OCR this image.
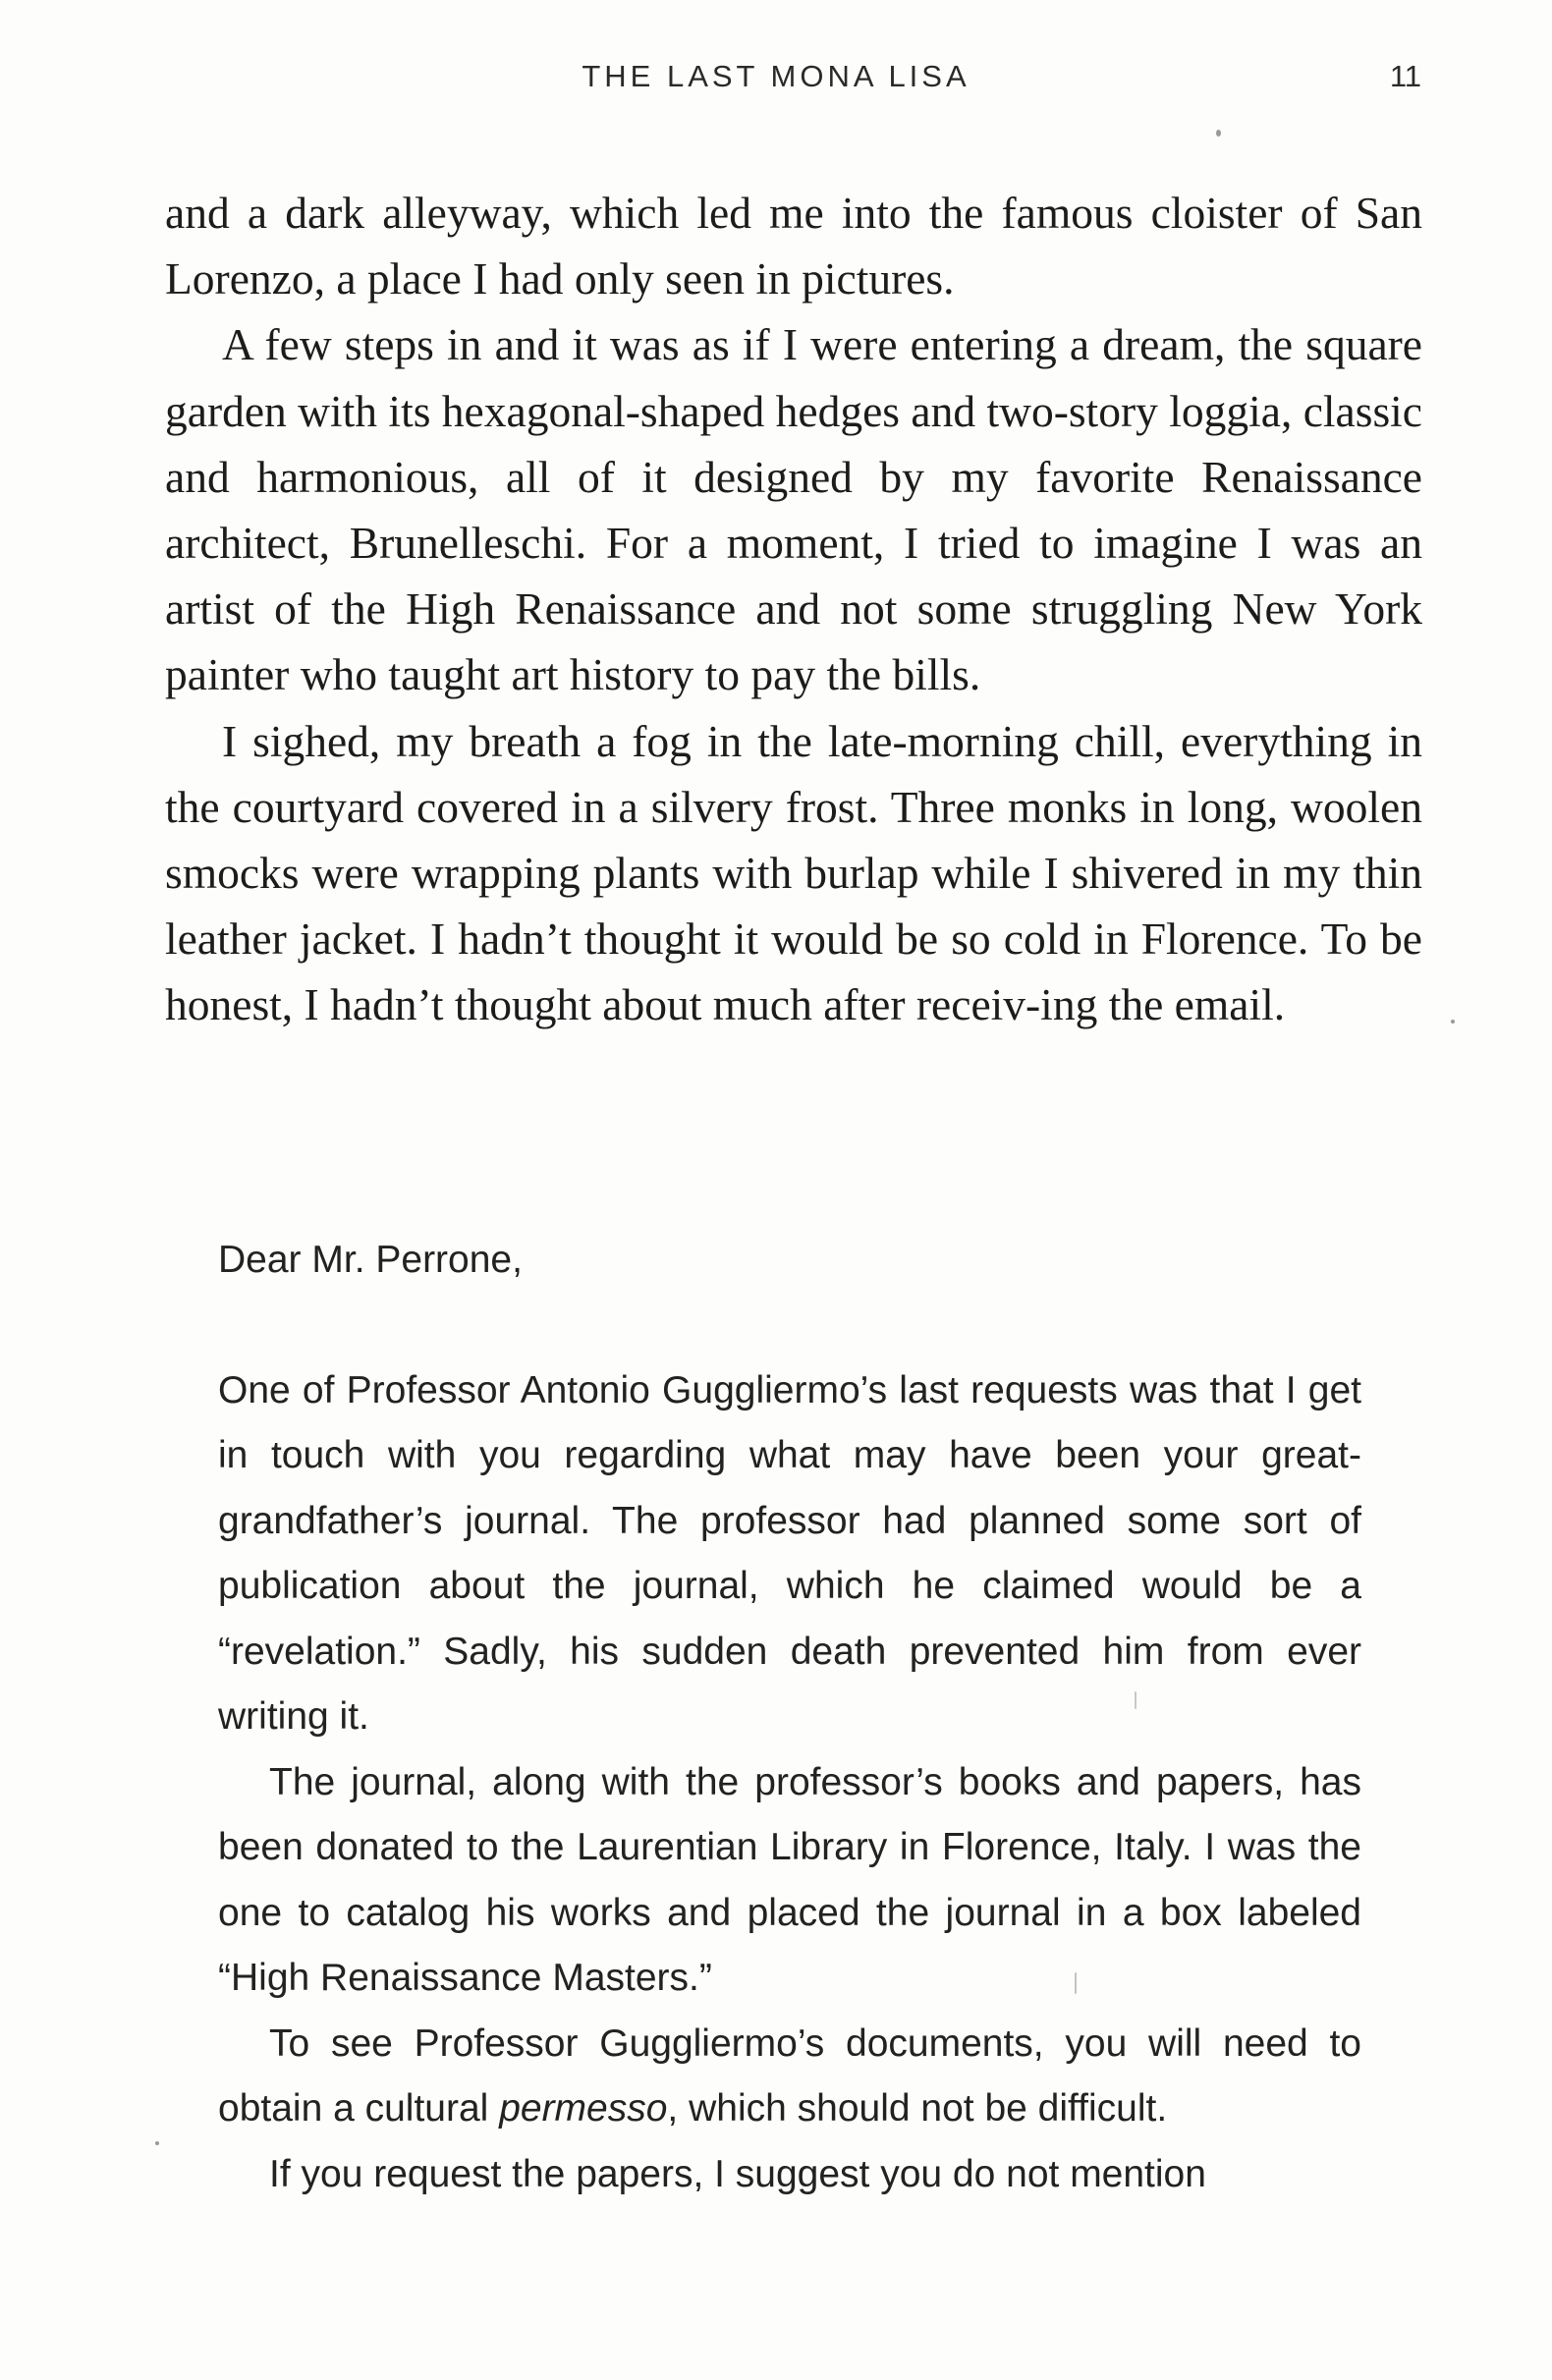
THE LAST MONA LISA	11

and a dark alleyway, which led me into the famous cloister of San Lorenzo, a place I had only seen in pictures.

A few steps in and it was as if I were entering a dream, the square garden with its hexagonal-shaped hedges and two-story loggia, classic and harmonious, all of it designed by my favorite Renaissance architect, Brunelleschi. For a moment, I tried to imagine I was an artist of the High Renaissance and not some struggling New York painter who taught art history to pay the bills.

I sighed, my breath a fog in the late-morning chill, everything in the courtyard covered in a silvery frost. Three monks in long, woolen smocks were wrapping plants with burlap while I shivered in my thin leather jacket. I hadn’t thought it would be so cold in Florence. To be honest, I hadn’t thought about much after receiv-ing the email.

Dear Mr. Perrone,

One of Professor Antonio Guggliermo’s last requests was that I get in touch with you regarding what may have been your great-grandfather’s journal. The professor had planned some sort of publication about the journal, which he claimed would be a “revelation.” Sadly, his sudden death prevented him from ever writing it.

The journal, along with the professor’s books and papers, has been donated to the Laurentian Library in Florence, Italy. I was the one to catalog his works and placed the journal in a box labeled “High Renaissance Masters.”

To see Professor Guggliermo’s documents, you will need to obtain a cultural permesso, which should not be difficult.

If you request the papers, I suggest you do not mention
